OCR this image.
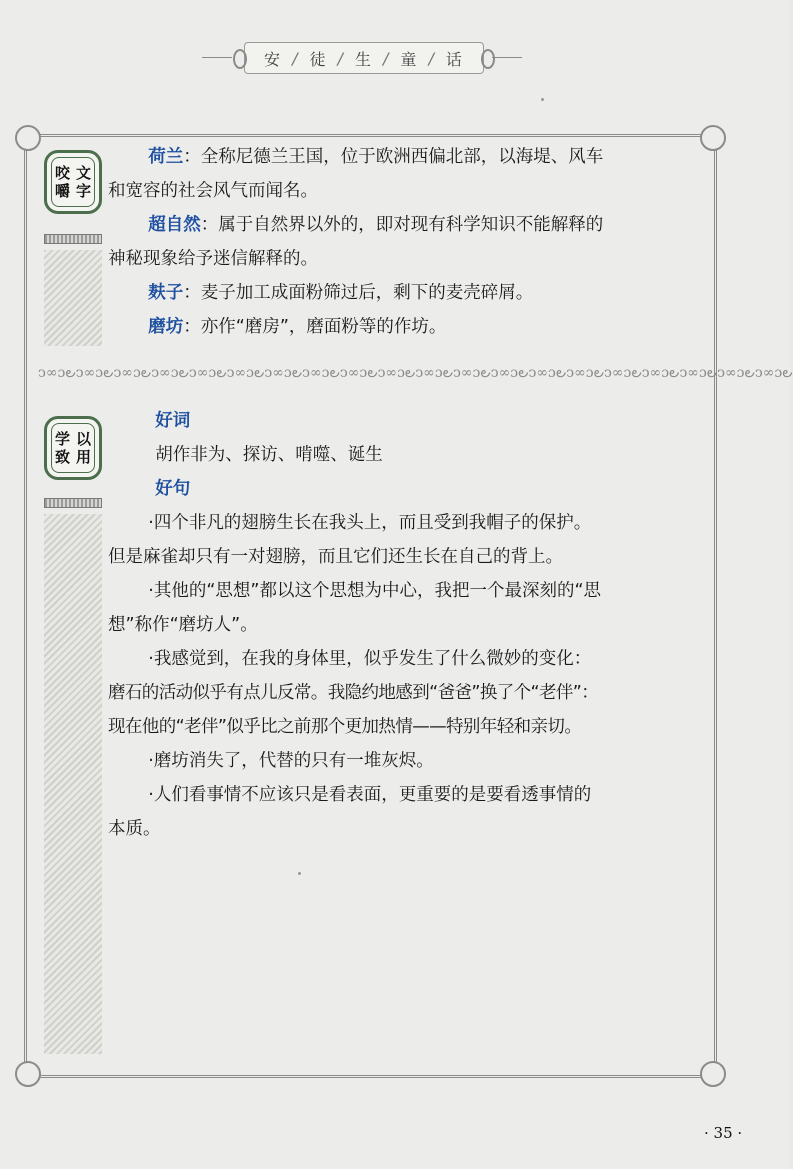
安 / 徒 / 生 / 童 / 话
咬 文
嚼 字

荷兰：全称尼德兰王国，位于欧洲西偏北部，以海堤、风车

和宽容的社会风气而闻名。

超自然：属于自然界以外的，即对现有科学知识不能解释的

神秘现象给予迷信解释的。

麸子：麦子加工成面粉筛过后，剩下的麦壳碎屑。

磨坊：亦作“磨房”，磨面粉等的作坊。

ↄ∞ɔ౿ↄ∞ɔ౿ↄ∞ɔ౿ↄ∞ɔ౿ↄ∞ɔ౿ↄ∞ɔ౿ↄ∞ɔ౿ↄ∞ɔ౿ↄ∞ɔ౿ↄ∞ɔ౿ↄ∞ɔ౿ↄ∞ɔ౿ↄ∞ɔ౿ↄ∞ɔ౿ↄ∞ɔ౿ↄ∞ɔ౿ↄ∞ɔ౿ↄ∞ɔ౿ↄ∞ɔ౿ↄ∞ɔ౿
学 以
致 用

好词

胡作非为、探访、啃噬、诞生

好句

·四个非凡的翅膀生长在我头上，而且受到我帽子的保护。

但是麻雀却只有一对翅膀，而且它们还生长在自己的背上。

·其他的“思想”都以这个思想为中心，我把一个最深刻的“思

想”称作“磨坊人”。

·我感觉到，在我的身体里，似乎发生了什么微妙的变化：

磨石的活动似乎有点儿反常。我隐约地感到“爸爸”换了个“老伴”：

现在他的“老伴”似乎比之前那个更加热情——特别年轻和亲切。

·磨坊消失了，代替的只有一堆灰烬。

·人们看事情不应该只是看表面，更重要的是要看透事情的

本质。

· 35 ·
